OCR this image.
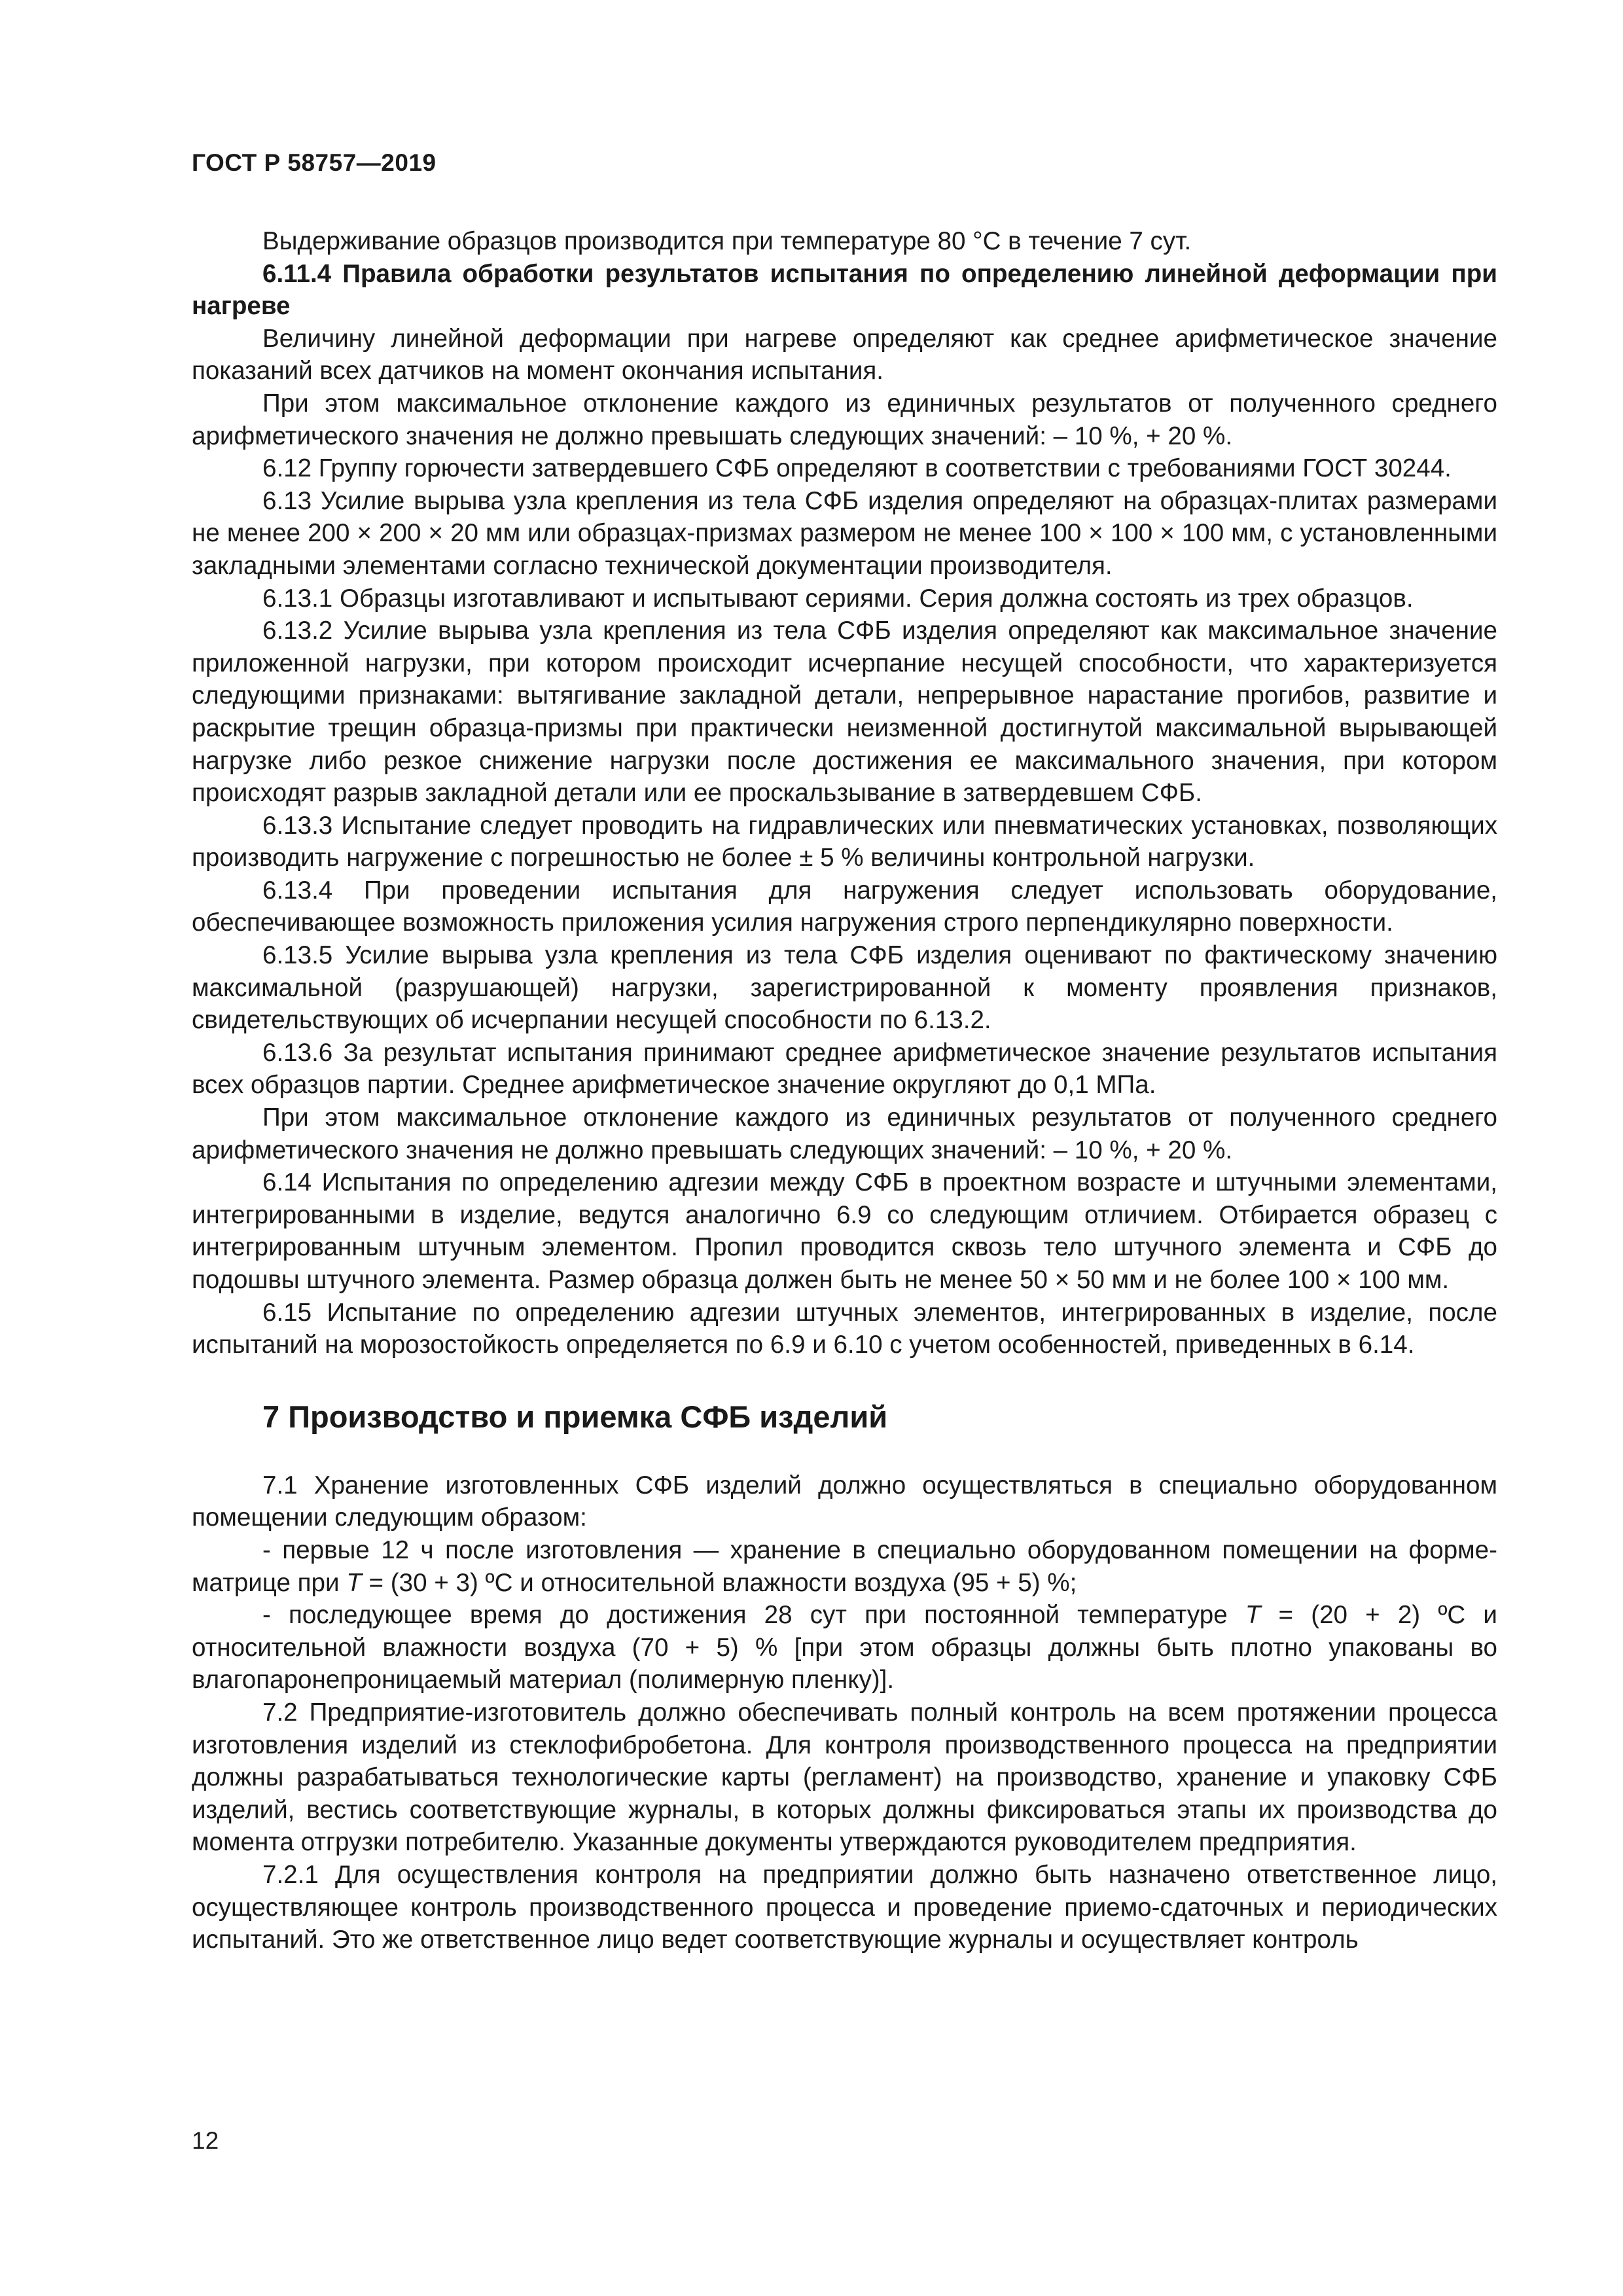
ГОСТ Р 58757—2019

Выдерживание образцов производится при температуре 80 °С в течение 7 сут.

6.11.4 Правила обработки результатов испытания по определению линейной деформации при нагреве

Величину линейной деформации при нагреве определяют как среднее арифметическое значение показаний всех датчиков на момент окончания испытания.

При этом максимальное отклонение каждого из единичных результатов от полученного среднего арифметического значения не должно превышать следующих значений: – 10 %, + 20 %.

6.12 Группу горючести затвердевшего СФБ определяют в соответствии с требованиями ГОСТ 30244.

6.13 Усилие вырыва узла крепления из тела СФБ изделия определяют на образцах-плитах размерами не менее 200 × 200 × 20 мм или образцах-призмах размером не менее 100 × 100 × 100 мм, с установленными закладными элементами согласно технической документации производителя.

6.13.1 Образцы изготавливают и испытывают сериями. Серия должна состоять из трех образцов.

6.13.2 Усилие вырыва узла крепления из тела СФБ изделия определяют как максимальное значение приложенной нагрузки, при котором происходит исчерпание несущей способности, что характеризуется следующими признаками: вытягивание закладной детали, непрерывное нарастание прогибов, развитие и раскрытие трещин образца-призмы при практически неизменной достигнутой максимальной вырывающей нагрузке либо резкое снижение нагрузки после достижения ее максимального значения, при котором происходят разрыв закладной детали или ее проскальзывание в затвердевшем СФБ.

6.13.3 Испытание следует проводить на гидравлических или пневматических установках, позволяющих производить нагружение с погрешностью не более ± 5 % величины контрольной нагрузки.

6.13.4 При проведении испытания для нагружения следует использовать оборудование, обеспечивающее возможность приложения усилия нагружения строго перпендикулярно поверхности.

6.13.5 Усилие вырыва узла крепления из тела СФБ изделия оценивают по фактическому значению максимальной (разрушающей) нагрузки, зарегистрированной к моменту проявления признаков, свидетельствующих об исчерпании несущей способности по 6.13.2.

6.13.6 За результат испытания принимают среднее арифметическое значение результатов испытания всех образцов партии. Среднее арифметическое значение округляют до 0,1 МПа.

При этом максимальное отклонение каждого из единичных результатов от полученного среднего арифметического значения не должно превышать следующих значений: – 10 %, + 20 %.

6.14 Испытания по определению адгезии между СФБ в проектном возрасте и штучными элементами, интегрированными в изделие, ведутся аналогично 6.9 со следующим отличием. Отбирается образец с интегрированным штучным элементом. Пропил проводится сквозь тело штучного элемента и СФБ до подошвы штучного элемента. Размер образца должен быть не менее 50 × 50 мм и не более 100 × 100 мм.

6.15 Испытание по определению адгезии штучных элементов, интегрированных в изделие, после испытаний на морозостойкость определяется по 6.9 и 6.10 с учетом особенностей, приведенных в 6.14.

7 Производство и приемка СФБ изделий

7.1 Хранение изготовленных СФБ изделий должно осуществляться в специально оборудованном помещении следующим образом:

- первые 12 ч после изготовления — хранение в специально оборудованном помещении на форме-матрице при T = (30 + 3) ºС и относительной влажности воздуха (95 + 5) %;

- последующее время до достижения 28 сут при постоянной температуре T = (20 + 2) ºС и относительной влажности воздуха (70 + 5) % [при этом образцы должны быть плотно упакованы во влагопаронепроницаемый материал (полимерную пленку)].

7.2 Предприятие-изготовитель должно обеспечивать полный контроль на всем протяжении процесса изготовления изделий из стеклофибробетона. Для контроля производственного процесса на предприятии должны разрабатываться технологические карты (регламент) на производство, хранение и упаковку СФБ изделий, вестись соответствующие журналы, в которых должны фиксироваться этапы их производства до момента отгрузки потребителю. Указанные документы утверждаются руководителем предприятия.

7.2.1 Для осуществления контроля на предприятии должно быть назначено ответственное лицо, осуществляющее контроль производственного процесса и проведение приемо-сдаточных и периодических испытаний. Это же ответственное лицо ведет соответствующие журналы и осуществляет контроль

12
